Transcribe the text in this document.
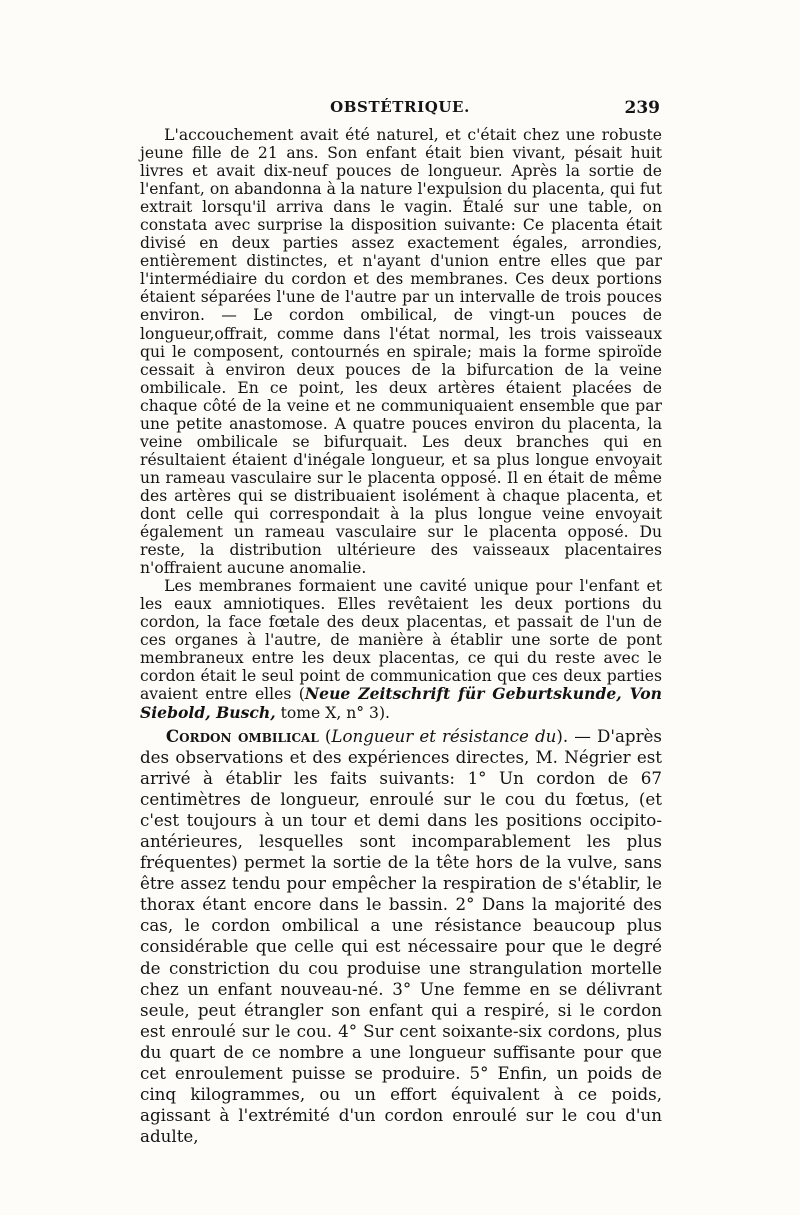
OBSTÉTRIQUE.	239

L'accouchement avait été naturel, et c'était chez une robuste jeune fille de 21 ans. Son enfant était bien vivant, pésait huit livres et avait dix-neuf pouces de longueur. Après la sortie de l'enfant, on abandonna à la nature l'expulsion du placenta, qui fut extrait lorsqu'il arriva dans le vagin. Étalé sur une table, on constata avec surprise la disposition suivante: Ce placenta était divisé en deux parties assez exactement égales, arrondies, entièrement distinctes, et n'ayant d'union entre elles que par l'intermédiaire du cordon et des membranes. Ces deux portions étaient séparées l'une de l'autre par un intervalle de trois pouces environ. — Le cordon ombilical, de vingt-un pouces de longueur,offrait, comme dans l'état normal, les trois vaisseaux qui le composent, contournés en spirale; mais la forme spiroïde cessait à environ deux pouces de la bifurcation de la veine ombilicale. En ce point, les deux artères étaient placées de chaque côté de la veine et ne communiquaient ensemble que par une petite anastomose. A quatre pouces environ du placenta, la veine ombilicale se bifurquait. Les deux branches qui en résultaient étaient d'inégale longueur, et sa plus longue envoyait un rameau vasculaire sur le placenta opposé. Il en était de même des artères qui se distribuaient isolément à chaque placenta, et dont celle qui correspondait à la plus longue veine envoyait également un rameau vasculaire sur le placenta opposé. Du reste, la distribution ultérieure des vaisseaux placentaires n'offraient aucune anomalie.

Les membranes formaient une cavité unique pour l'enfant et les eaux amniotiques. Elles revêtaient les deux portions du cordon, la face fœtale des deux placentas, et passait de l'un de ces organes à l'autre, de manière à établir une sorte de pont membraneux entre les deux placentas, ce qui du reste avec le cordon était le seul point de communication que ces deux parties avaient entre elles (Neue Zeitschrift für Geburtskunde, Von Siebold, Busch, tome X, n° 3).

Cordon ombilical (Longueur et résistance du). — D'après des observations et des expériences directes, M. Négrier est arrivé à établir les faits suivants: 1° Un cordon de 67 centimètres de longueur, enroulé sur le cou du fœtus, (et c'est toujours à un tour et demi dans les positions occipito-antérieures, lesquelles sont incomparablement les plus fréquentes) permet la sortie de la tête hors de la vulve, sans être assez tendu pour empêcher la respiration de s'établir, le thorax étant encore dans le bassin. 2° Dans la majorité des cas, le cordon ombilical a une résistance beaucoup plus considérable que celle qui est nécessaire pour que le degré de constriction du cou produise une strangulation mortelle chez un enfant nouveau-né. 3° Une femme en se délivrant seule, peut étrangler son enfant qui a respiré, si le cordon est enroulé sur le cou. 4° Sur cent soixante-six cordons, plus du quart de ce nombre a une longueur suffisante pour que cet enroulement puisse se produire. 5° Enfin, un poids de cinq kilogrammes, ou un effort équivalent à ce poids, agissant à l'extrémité d'un cordon enroulé sur le cou d'un adulte,
